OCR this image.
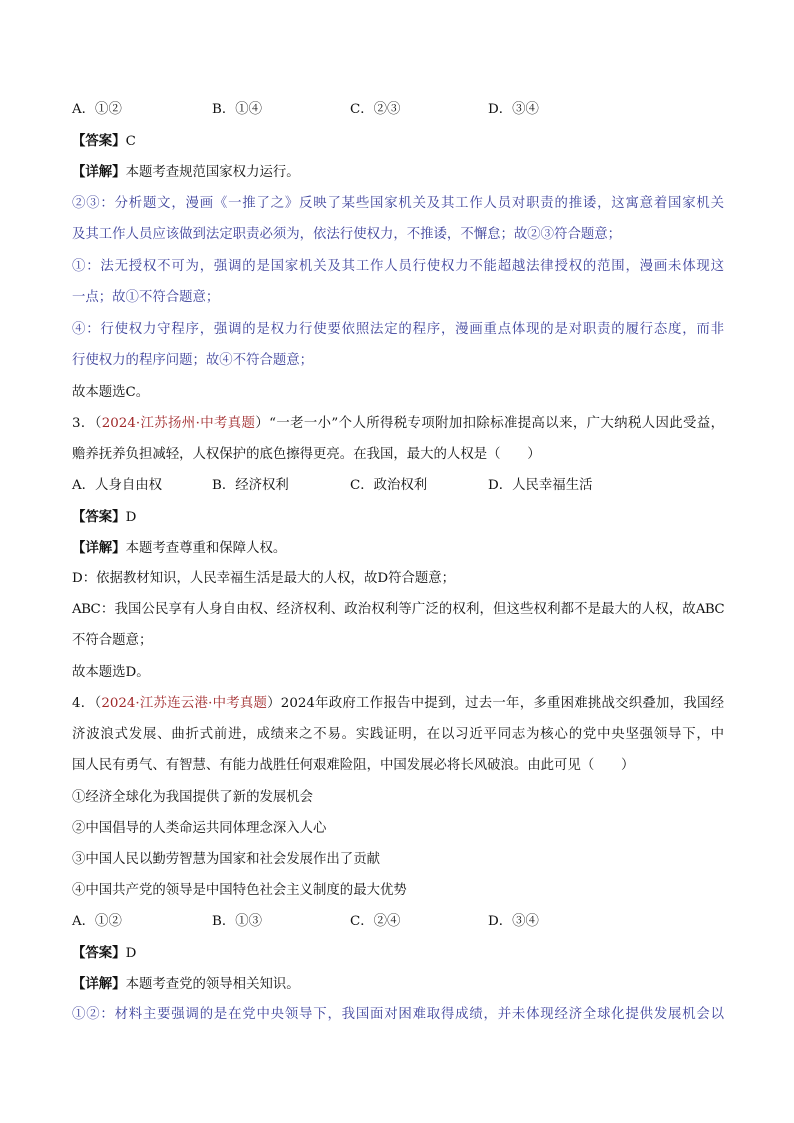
A．①②	B．①④	C．②③	D．③④
【答案】C
【详解】本题考查规范国家权力运行。
②③：分析题文，漫画《一推了之》反映了某些国家机关及其工作人员对职责的推诿，这寓意着国家机关
及其工作人员应该做到法定职责必须为，依法行使权力，不推诿，不懈怠；故②③符合题意；
①：法无授权不可为，强调的是国家机关及其工作人员行使权力不能超越法律授权的范围，漫画未体现这
一点；故①不符合题意；
④：行使权力守程序，强调的是权力行使要依照法定的程序，漫画重点体现的是对职责的履行态度，而非
行使权力的程序问题；故④不符合题意；
故本题选C。
3．（2024·江苏扬州·中考真题）“一老一小”个人所得税专项附加扣除标准提高以来，广大纳税人因此受益，
赡养抚养负担减轻，人权保护的底色擦得更亮。在我国，最大的人权是（　　）
A．人身自由权	B．经济权利	C．政治权利	D．人民幸福生活
【答案】D
【详解】本题考查尊重和保障人权。
D：依据教材知识，人民幸福生活是最大的人权，故D符合题意；
ABC：我国公民享有人身自由权、经济权利、政治权利等广泛的权利，但这些权利都不是最大的人权，故ABC
不符合题意；
故本题选D。
4．（2024·江苏连云港·中考真题）2024年政府工作报告中提到，过去一年，多重困难挑战交织叠加，我国经
济波浪式发展、曲折式前进，成绩来之不易。实践证明，在以习近平同志为核心的党中央坚强领导下，中
国人民有勇气、有智慧、有能力战胜任何艰难险阻，中国发展必将长风破浪。由此可见（　　）
①经济全球化为我国提供了新的发展机会
②中国倡导的人类命运共同体理念深入人心
③中国人民以勤劳智慧为国家和社会发展作出了贡献
④中国共产党的领导是中国特色社会主义制度的最大优势
A．①②	B．①③	C．②④	D．③④
【答案】D
【详解】本题考查党的领导相关知识。
①②：材料主要强调的是在党中央领导下，我国面对困难取得成绩，并未体现经济全球化提供发展机会以
